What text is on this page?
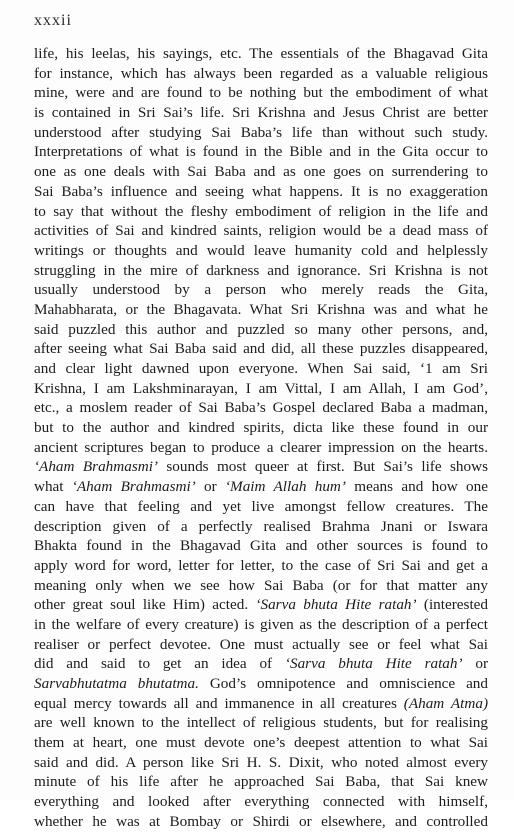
xxxii
life, his leelas, his sayings, etc. The essentials of the Bhagavad Gita
for instance, which has always been regarded as a valuable religious
mine, were and are found to be nothing but the embodiment of what
is contained in Sri Sai’s life. Sri Krishna and Jesus Christ are better
understood after studying Sai Baba’s life than without such study.
Interpretations of what is found in the Bible and in the Gita occur to
one as one deals with Sai Baba and as one goes on surrendering to
Sai Baba’s influence and seeing what happens. It is no exaggeration
to say that without the fleshy embodiment of religion in the life and
activities of Sai and kindred saints, religion would be a dead mass of
writings or thoughts and would leave humanity cold and helplessly
struggling in the mire of darkness and ignorance. Sri Krishna is not
usually understood by a person who merely reads the Gita,
Mahabharata, or the Bhagavata. What Sri Krishna was and what he
said puzzled this author and puzzled so many other persons, and,
after seeing what Sai Baba said and did, all these puzzles disappeared,
and clear light dawned upon everyone. When Sai said, ‘1 am Sri
Krishna, I am Lakshminarayan, I am Vittal, I am Allah, I am God’,
etc., a moslem reader of Sai Baba’s Gospel declared Baba a madman,
but to the author and kindred spirits, dicta like these found in our
ancient scriptures began to produce a clearer impression on the hearts.
‘Aham Brahmasmi’ sounds most queer at first. But Sai’s life shows
what ‘Aham Brahmasmi’ or ‘Maim Allah hum’ means and how one
can have that feeling and yet live amongst fellow creatures. The
description given of a perfectly realised Brahma Jnani or Iswara
Bhakta found in the Bhagavad Gita and other sources is found to
apply word for word, letter for letter, to the case of Sri Sai and get a
meaning only when we see how Sai Baba (or for that matter any
other great soul like Him) acted. ‘Sarva bhuta Hite ratah’ (interested
in the welfare of every creature) is given as the description of a perfect
realiser or perfect devotee. One must actually see or feel what Sai
did and said to get an idea of ‘Sarva bhuta Hite ratah’ or
Sarvabhutatma bhutatma. God’s omnipotence and omniscience and
equal mercy towards all and immanence in all creatures (Aham Atma)
are well known to the intellect of religious students, but for realising
them at heart, one must devote one’s deepest attention to what Sai
said and did. A person like Sri H. S. Dixit, who noted almost every
minute of his life after he approached Sai Baba, that Sai knew
everything and looked after everything connected with himself,
whether he was at Bombay or Shirdi or elsewhere, and controlled
